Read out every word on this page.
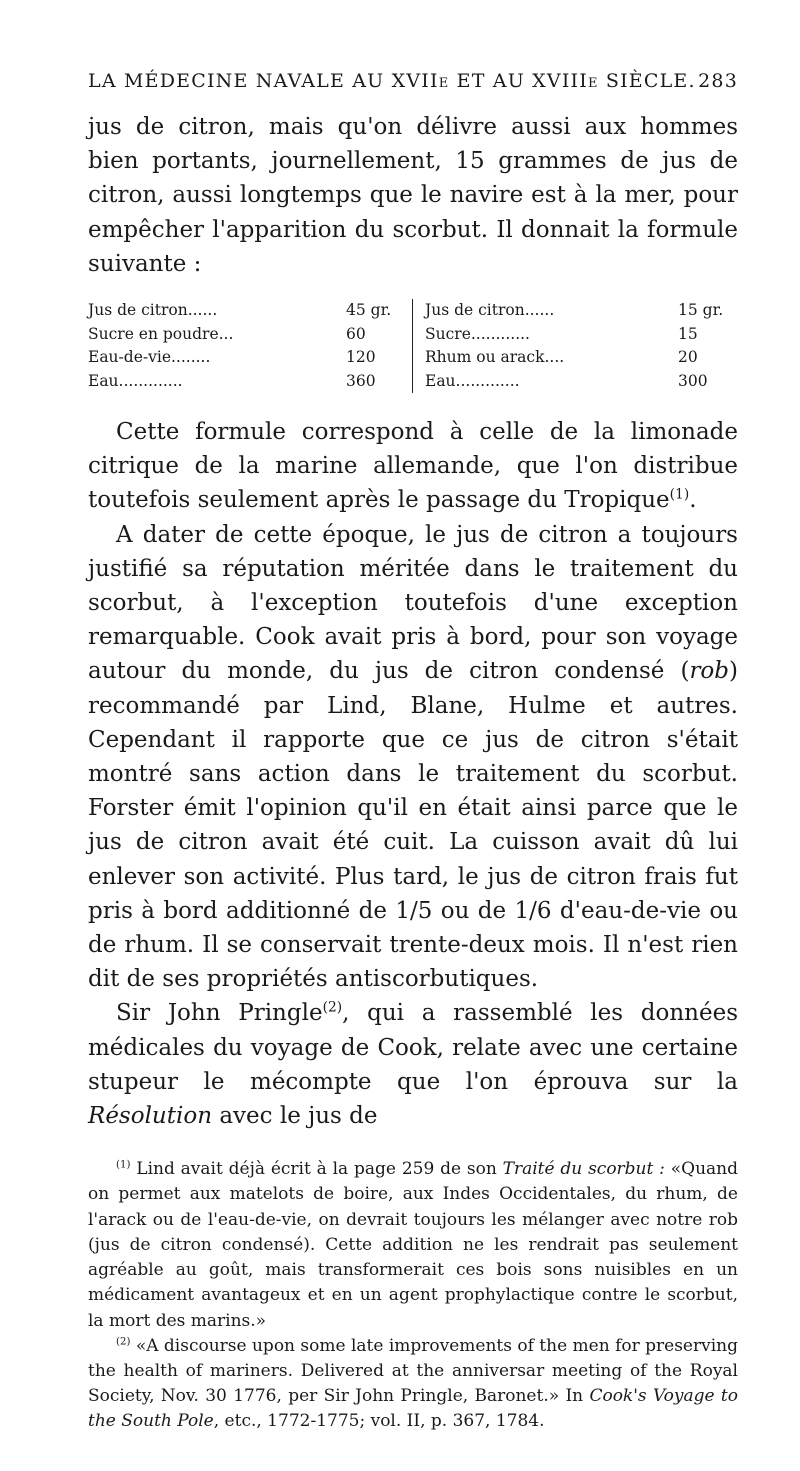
LA MÉDECINE NAVALE AU XVIIe ET AU XVIIIe SIÈCLE. 283

jus de citron, mais qu'on délivre aussi aux hommes bien portants, journellement, 15 grammes de jus de citron, aussi longtemps que le navire est à la mer, pour empêcher l'apparition du scorbut. Il donnait la formule suivante :

Jus de citron......	45 gr.
Sucre en poudre...	60
Eau-de-vie........	120
Eau.............	360
Jus de citron......	15 gr.
Sucre............	15
Rhum ou arack....	20
Eau.............	300

Cette formule correspond à celle de la limonade citrique de la marine allemande, que l'on distribue toutefois seulement après le passage du Tropique$^{(1)}$.

A dater de cette époque, le jus de citron a toujours justifié sa réputation méritée dans le traitement du scorbut, à l'exception toutefois d'une exception remarquable. Cook avait pris à bord, pour son voyage autour du monde, du jus de citron condensé (rob) recommandé par Lind, Blane, Hulme et autres. Cependant il rapporte que ce jus de citron s'était montré sans action dans le traitement du scorbut. Forster émit l'opinion qu'il en était ainsi parce que le jus de citron avait été cuit. La cuisson avait dû lui enlever son activité. Plus tard, le jus de citron frais fut pris à bord additionné de 1/5 ou de 1/6 d'eau-de-vie ou de rhum. Il se conservait trente-deux mois. Il n'est rien dit de ses propriétés antiscorbutiques.

Sir John Pringle$^{(2)}$, qui a rassemblé les données médicales du voyage de Cook, relate avec une certaine stupeur le mécompte que l'on éprouva sur la Résolution avec le jus de

$^{(1)}$ Lind avait déjà écrit à la page 259 de son Traité du scorbut : «Quand on permet aux matelots de boire, aux Indes Occidentales, du rhum, de l'arack ou de l'eau-de-vie, on devrait toujours les mélanger avec notre rob (jus de citron condensé). Cette addition ne les rendrait pas seulement agréable au goût, mais transformerait ces bois sons nuisibles en un médicament avantageux et en un agent prophylactique contre le scorbut, la mort des marins.»

$^{(2)}$ «A discourse upon some late improvements of the men for preserving the health of mariners. Delivered at the anniversar meeting of the Royal Society, Nov. 30 1776, per Sir John Pringle, Baronet.» In Cook's Voyage to the South Pole, etc., 1772-1775; vol. II, p. 367, 1784.
